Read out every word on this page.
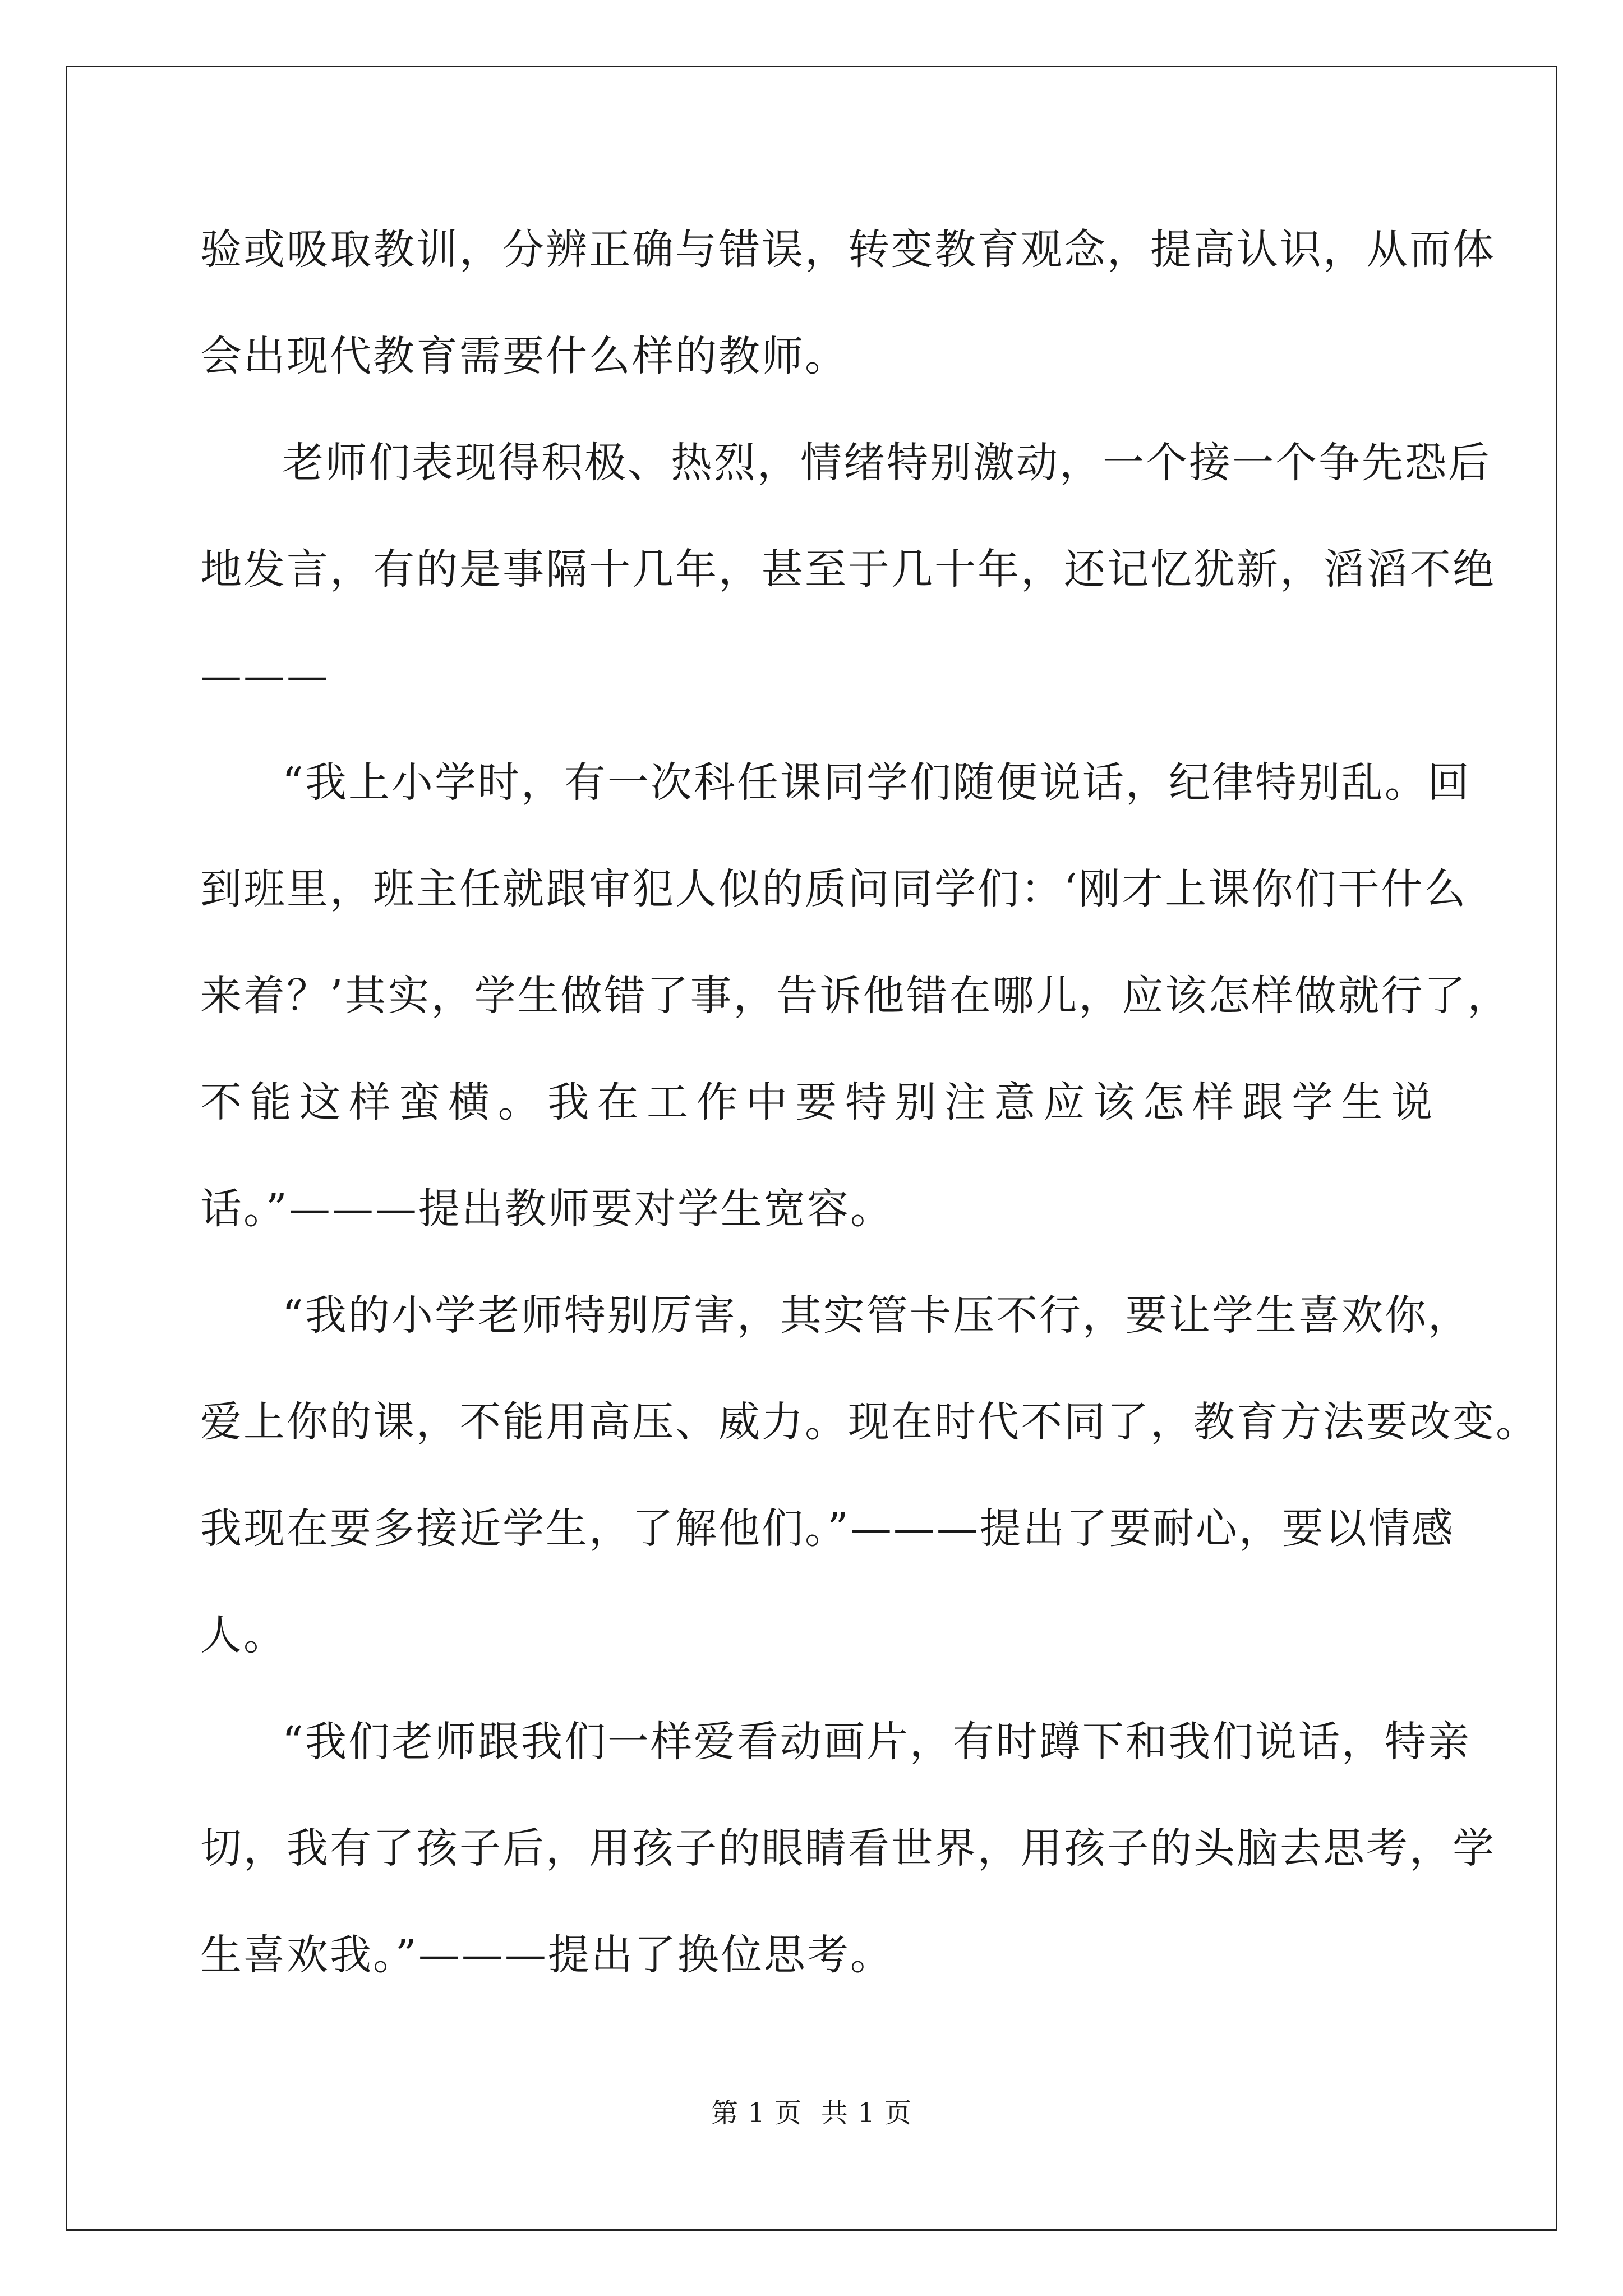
验或吸取教训，分辨正确与错误，转变教育观念，提高认识，从而体
会出现代教育需要什么样的教师。
老师们表现得积极、热烈，情绪特别激动，一个接一个争先恐后
地发言，有的是事隔十几年，甚至于几十年，还记忆犹新，滔滔不绝
———
“我上小学时，有一次科任课同学们随便说话，纪律特别乱。回
到班里，班主任就跟审犯人似的质问同学们：‘刚才上课你们干什么
来着？’其实，学生做错了事，告诉他错在哪儿，应该怎样做就行了，
不能这样蛮横。我在工作中要特别注意应该怎样跟学生说
话。”———提出教师要对学生宽容。
“我的小学老师特别厉害，其实管卡压不行，要让学生喜欢你，
爱上你的课，不能用高压、威力。现在时代不同了，教育方法要改变。
我现在要多接近学生，了解他们。”———提出了要耐心，要以情感
人。
“我们老师跟我们一样爱看动画片，有时蹲下和我们说话，特亲
切，我有了孩子后，用孩子的眼睛看世界，用孩子的头脑去思考，学
生喜欢我。”———提出了换位思考。
第 1 页 共 1 页
